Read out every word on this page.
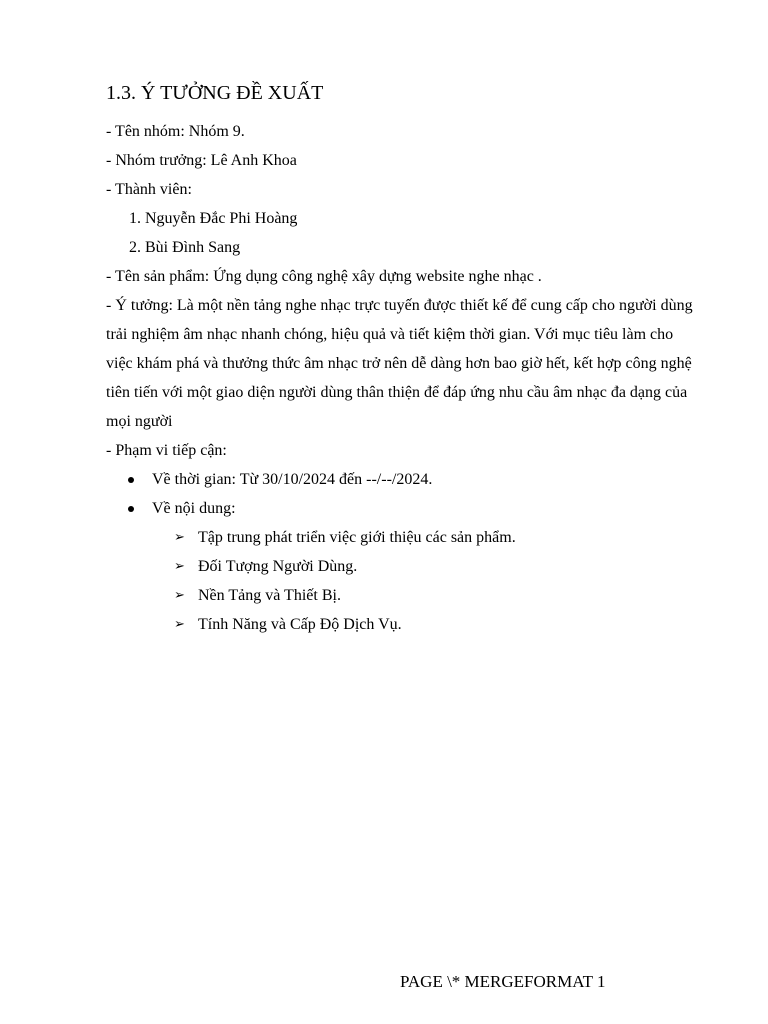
1.3. Ý TƯỞNG ĐỀ XUẤT
- Tên nhóm: Nhóm 9.
- Nhóm trưởng: Lê Anh Khoa
- Thành viên:
1. Nguyễn Đắc Phi Hoàng
2. Bùi Đình Sang
- Tên sản phẩm: Ứng dụng công nghệ xây dựng website nghe nhạc .
- Ý tưởng: Là một nền tảng nghe nhạc trực tuyến được thiết kế để cung cấp cho người dùng
trải nghiệm âm nhạc nhanh chóng, hiệu quả và tiết kiệm thời gian. Với mục tiêu làm cho
việc khám phá và thưởng thức âm nhạc trở nên dễ dàng hơn bao giờ hết, kết hợp công nghệ
tiên tiến với một giao diện người dùng thân thiện để đáp ứng nhu cầu âm nhạc đa dạng của
mọi người
- Phạm vi tiếp cận:
Về thời gian: Từ 30/10/2024 đến --/--/2024.
Về nội dung:
➢ Tập trung phát triển việc giới thiệu các sản phẩm.
➢ Đối Tượng Người Dùng.
➢ Nền Tảng và Thiết Bị.
➢ Tính Năng và Cấp Độ Dịch Vụ.
PAGE \* MERGEFORMAT 1
